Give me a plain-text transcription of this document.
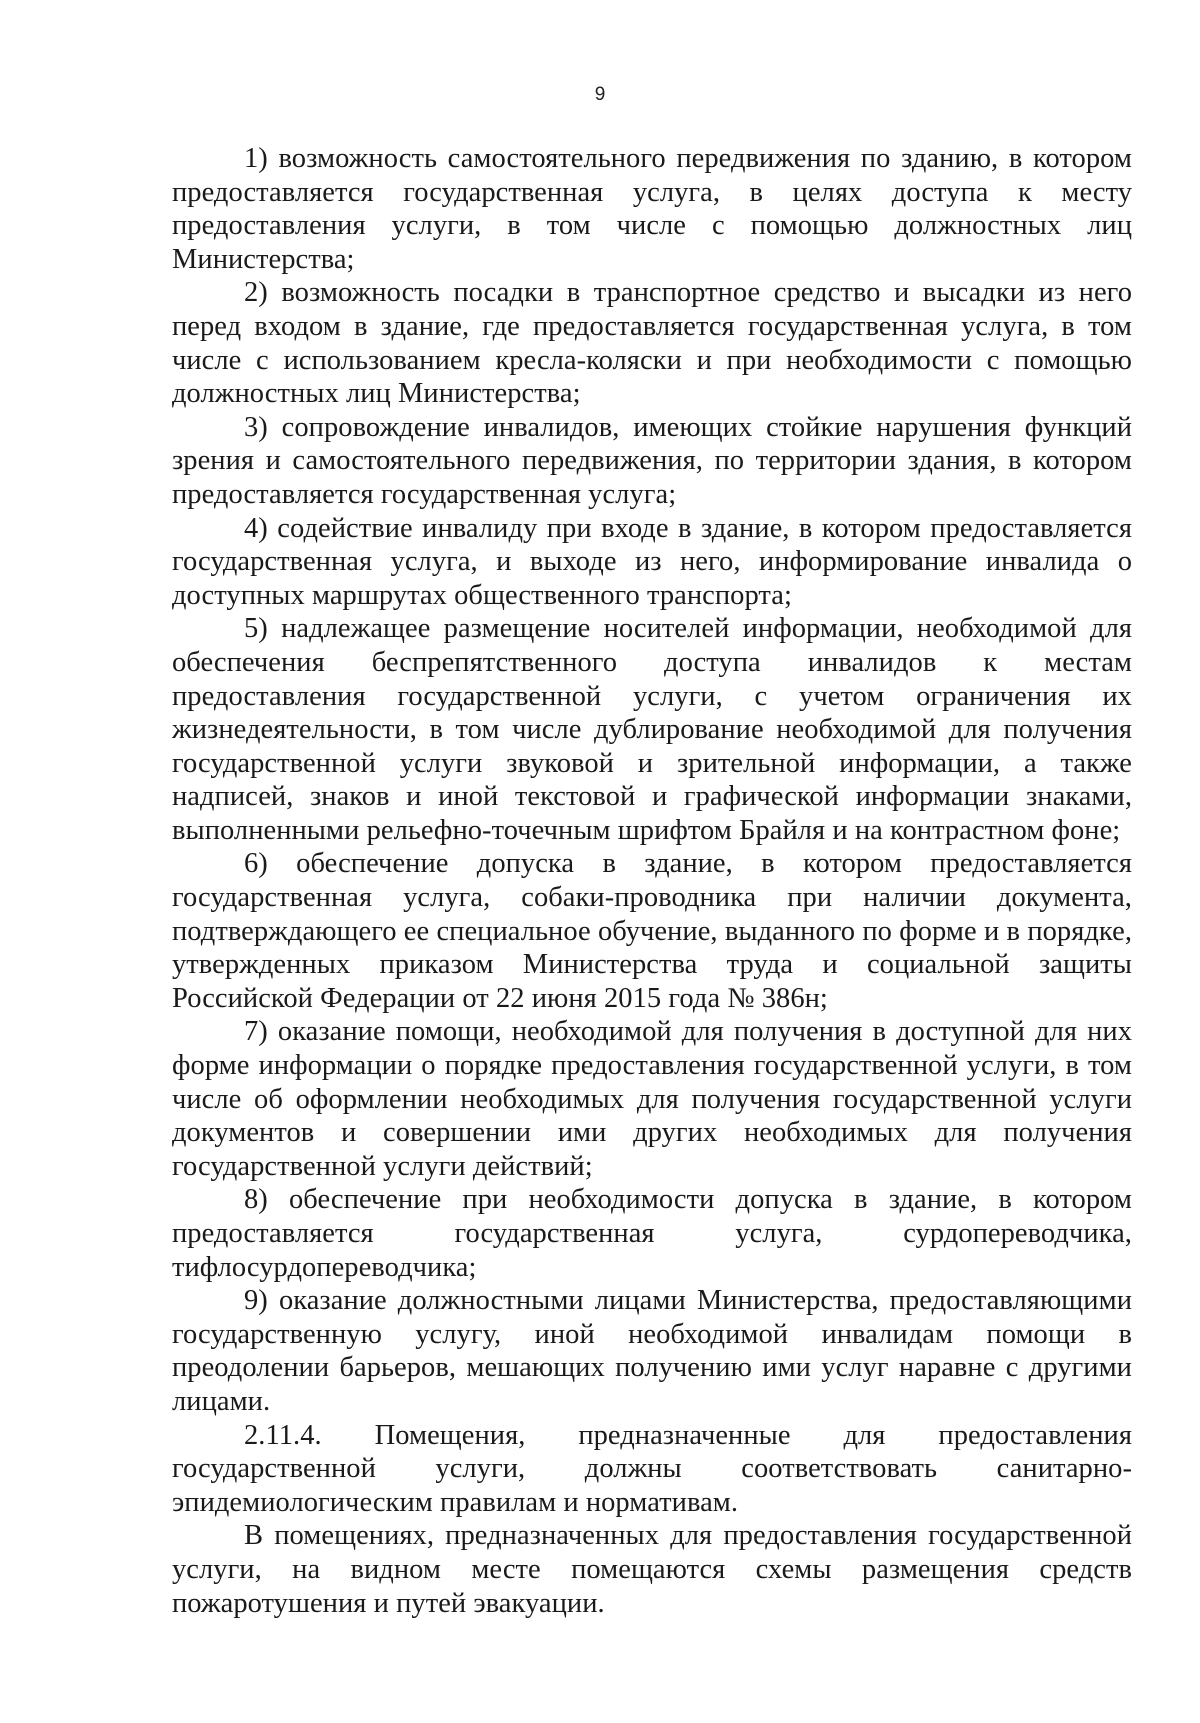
9

1) возможность самостоятельного передвижения по зданию, в котором предоставляется государственная услуга, в целях доступа к месту предоставления услуги, в том числе с помощью должностных лиц Министерства;

2) возможность посадки в транспортное средство и высадки из него перед входом в здание, где предоставляется государственная услуга, в том числе с использованием кресла-коляски и при необходимости с помощью должностных лиц Министерства;

3) сопровождение инвалидов, имеющих стойкие нарушения функций зрения и самостоятельного передвижения, по территории здания, в котором предоставляется государственная услуга;

4) содействие инвалиду при входе в здание, в котором предоставляется государственная услуга, и выходе из него, информирование инвалида о доступных маршрутах общественного транспорта;

5) надлежащее размещение носителей информации, необходимой для обеспечения беспрепятственного доступа инвалидов к местам предоставления государственной услуги, с учетом ограничения их жизнедеятельности, в том числе дублирование необходимой для получения государственной услуги звуковой и зрительной информации, а также надписей, знаков и иной текстовой и графической информации знаками, выполненными рельефно-точечным шрифтом Брайля и на контрастном фоне;

6) обеспечение допуска в здание, в котором предоставляется государственная услуга, собаки-проводника при наличии документа, подтверждающего ее специальное обучение, выданного по форме и в порядке, утвержденных приказом Министерства труда и социальной защиты Российской Федерации от 22 июня 2015 года № 386н;

7) оказание помощи, необходимой для получения в доступной для них форме информации о порядке предоставления государственной услуги, в том числе об оформлении необходимых для получения государственной услуги документов и совершении ими других необходимых для получения государственной услуги действий;

8) обеспечение при необходимости допуска в здание, в котором предоставляется государственная услуга, сурдопереводчика, тифлосурдопереводчика;

9) оказание должностными лицами Министерства, предоставляющими государственную услугу, иной необходимой инвалидам помощи в преодолении барьеров, мешающих получению ими услуг наравне с другими лицами.

2.11.4. Помещения, предназначенные для предоставления государственной услуги, должны соответствовать санитарно-эпидемиологическим правилам и нормативам.

В помещениях, предназначенных для предоставления государственной услуги, на видном месте помещаются схемы размещения средств пожаротушения и путей эвакуации.
